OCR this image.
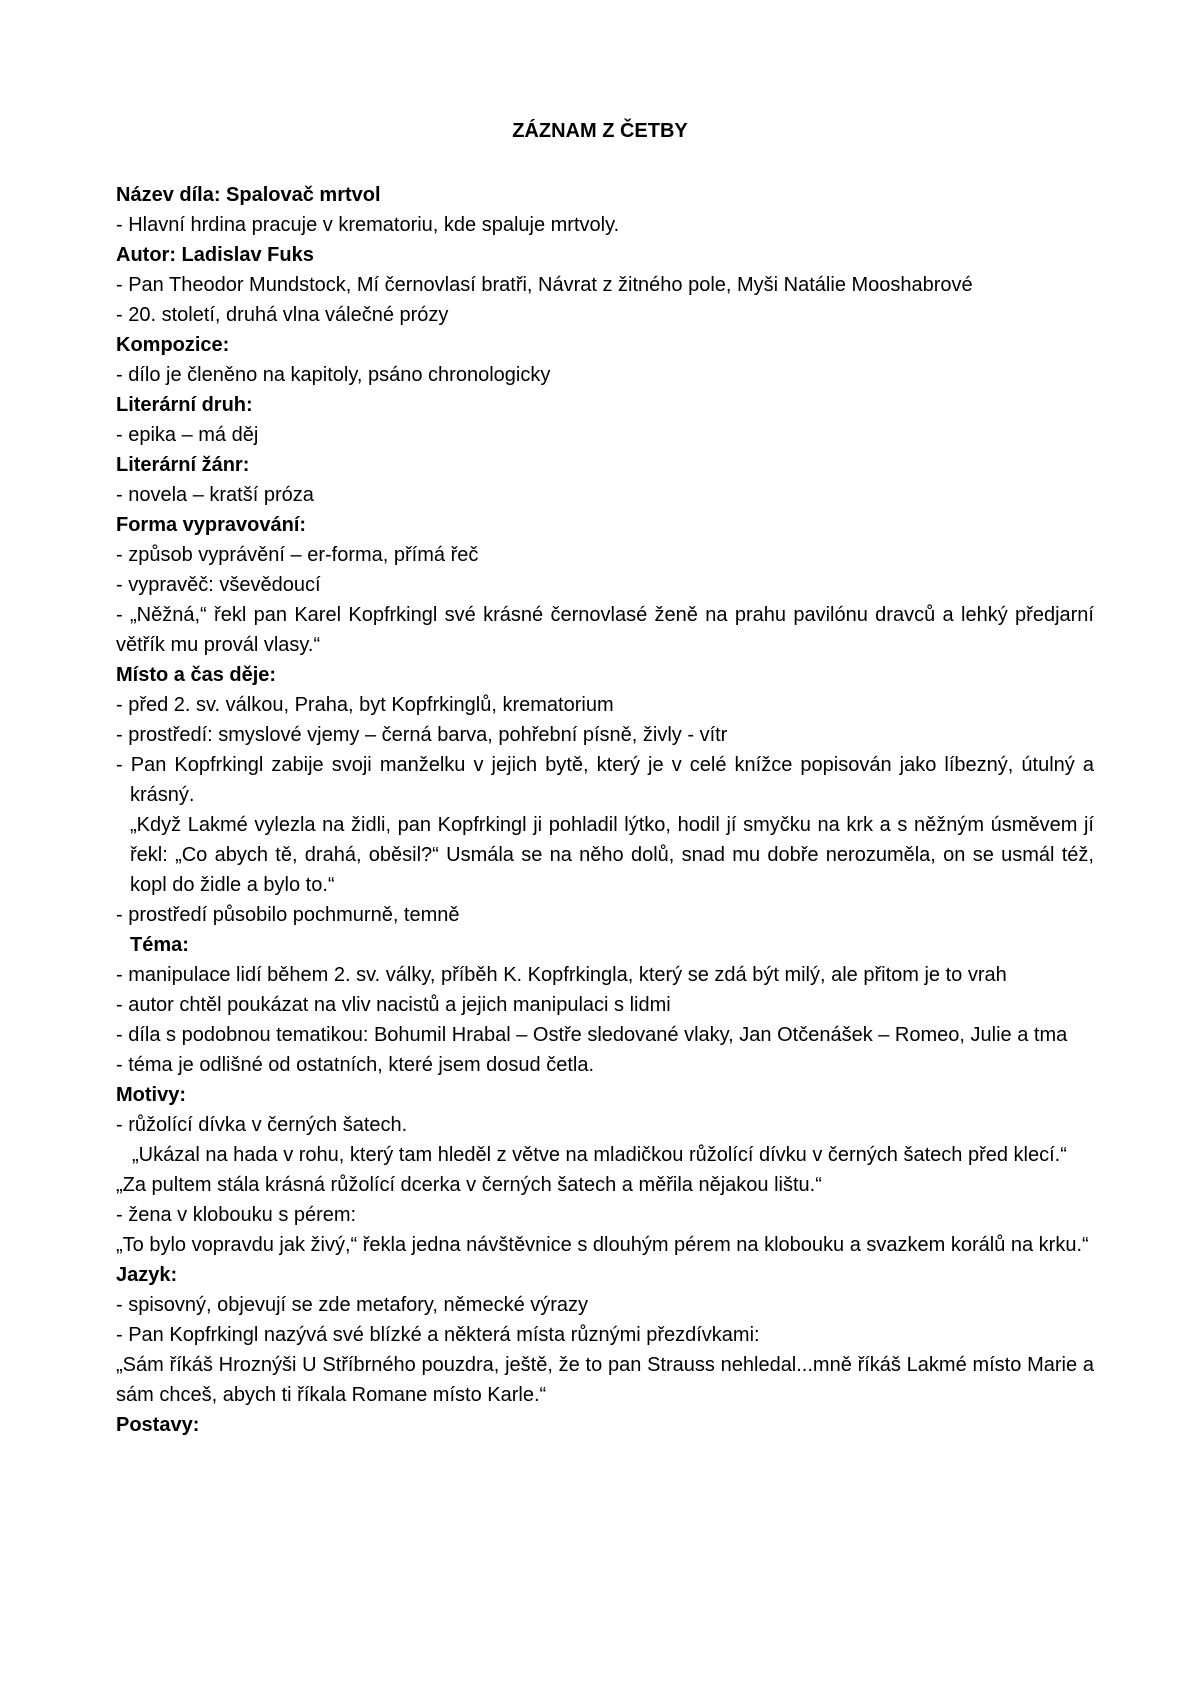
ZÁZNAM Z ČETBY
Název díla: Spalovač mrtvol
- Hlavní hrdina pracuje v krematoriu, kde spaluje mrtvoly.
Autor: Ladislav Fuks
- Pan Theodor Mundstock, Mí černovlasí bratři, Návrat z žitného pole, Myši Natálie Mooshabrové
- 20. století, druhá vlna válečné prózy
Kompozice:
- dílo je členěno na kapitoly, psáno chronologicky
Literární druh:
- epika – má děj
Literární žánr:
- novela – kratší próza
Forma vypravování:
- způsob vyprávění – er-forma, přímá řeč
- vypravěč: vševědoucí
- „Něžná,“ řekl pan Karel Kopfrkingl své krásné černovlasé ženě na prahu pavilónu dravců a lehký předjarní větřík mu provál vlasy.“
Místo a čas děje:
- před 2. sv. válkou, Praha, byt Kopfrkinglů, krematorium
- prostředí: smyslové vjemy – černá barva, pohřební písně, živly - vítr
- Pan Kopfrkingl zabije svoji manželku v jejich bytě, který je v celé knížce popisován jako líbezný, útulný a krásný.
„Když Lakmé vylezla na židli, pan Kopfrkingl ji pohladil lýtko, hodil jí smyčku na krk a s něžným úsměvem jí řekl: „Co abych tě, drahá, oběsil?“ Usmála se na něho dolů, snad mu dobře nerozuměla, on se usmál též, kopl do židle a bylo to.“
- prostředí působilo pochmurně, temně
Téma:
- manipulace lidí během 2. sv. války, příběh K. Kopfrkingla, který se zdá být milý, ale přitom je to vrah
- autor chtěl poukázat na vliv nacistů a jejich manipulaci s lidmi
- díla s podobnou tematikou: Bohumil Hrabal – Ostře sledované vlaky, Jan Otčenášek – Romeo, Julie a tma
- téma je odlišné od ostatních, které jsem dosud četla.
Motivy:
- růžolící dívka v černých šatech.
„Ukázal na hada v rohu, který tam hleděl z větve na mladičkou růžolící dívku v černých šatech před klecí.“
„Za pultem stála krásná růžolící dcerka v černých šatech a měřila nějakou lištu.“
- žena v klobouku s pérem:
„To bylo vopravdu jak živý,“ řekla jedna návštěvnice s dlouhým pérem na klobouku a svazkem korálů na krku.“
Jazyk:
- spisovný, objevují se zde metafory, německé výrazy
- Pan Kopfrkingl nazývá své blízké a některá místa různými přezdívkami:
„Sám říkáš Hroznýši U Stříbrného pouzdra, ještě, že to pan Strauss nehledal...mně říkáš Lakmé místo Marie a sám chceš, abych ti říkala Romane místo Karle.“
Postavy:
